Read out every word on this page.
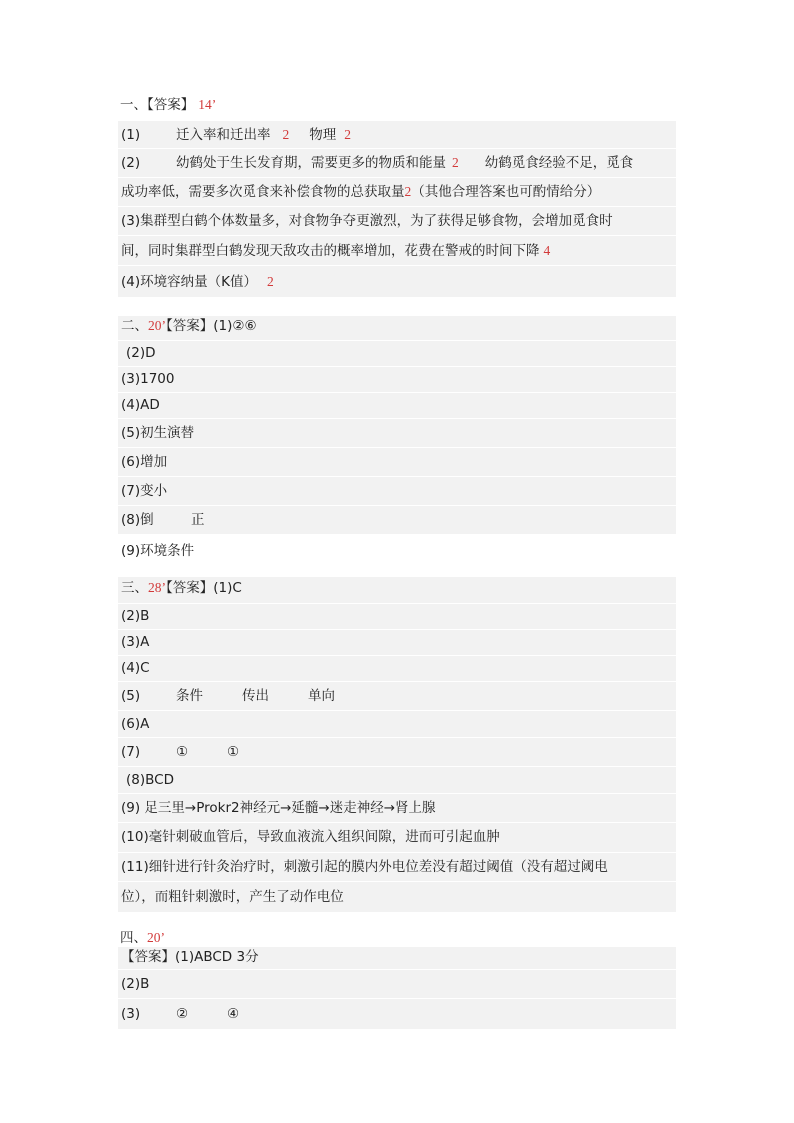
一、【答案】 14’
(1)	迁入率和迁出率 2 物理 2
(2)	幼鹤处于生长发育期，需要更多的物质和能量 2 幼鹤觅食经验不足，觅食
成功率低，需要多次觅食来补偿食物的总获取量2（其他合理答案也可酌情给分）
(3)集群型白鹤个体数量多，对食物争夺更激烈，为了获得足够食物，会增加觅食时
间，同时集群型白鹤发现天敌攻击的概率增加，花费在警戒的时间下降 4
(4)环境容纳量（K值） 2
二、20’【答案】(1)②⑥
(2)D
(3)1700
(4)AD
(5)初生演替
(6)增加
(7)变小
(8)倒	正
(9)环境条件
三、28’【答案】(1)C
(2)B
(3)A
(4)C
(5)	条件	传出	单向
(6)A
(7)	①	①
(8)BCD
(9) 足三里→Prokr2神经元→延髓→迷走神经→肾上腺
(10)毫针刺破血管后，导致血液流入组织间隙，进而可引起血肿
(11)细针进行针灸治疗时，刺激引起的膜内外电位差没有超过阈值（没有超过阈电
位），而粗针刺激时，产生了动作电位
四、20’
【答案】(1)ABCD 3分
(2)B
(3)	②	④
